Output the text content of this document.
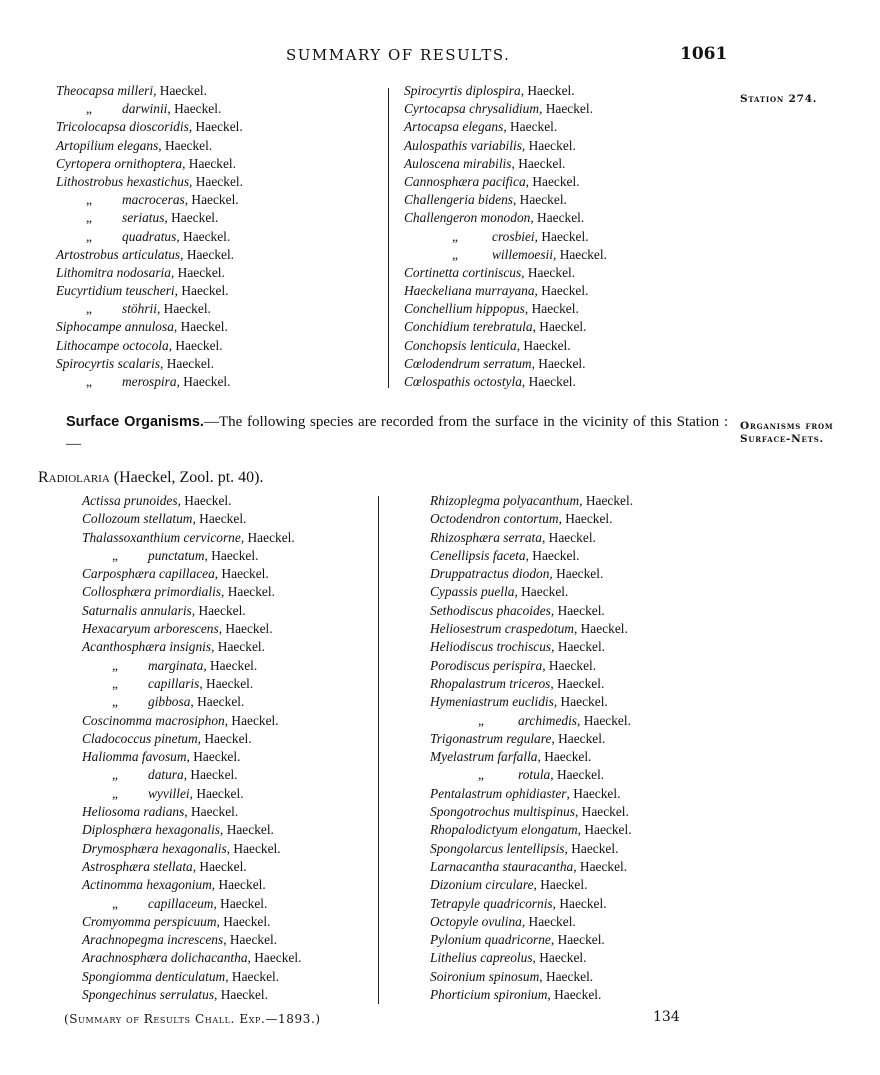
SUMMARY OF RESULTS.	1061
Station 274.
Theocapsa milleri, Haeckel.
„ darwinii, Haeckel.
Tricolocapsa dioscoridis, Haeckel.
Artopilium elegans, Haeckel.
Cyrtopera ornithoptera, Haeckel.
Lithostrobus hexastichus, Haeckel.
„ macroceras, Haeckel.
„ seriatus, Haeckel.
„ quadratus, Haeckel.
Artostrobus articulatus, Haeckel.
Lithomitra nodosaria, Haeckel.
Eucyrtidium teuscheri, Haeckel.
„ stöhrii, Haeckel.
Siphocampe annulosa, Haeckel.
Lithocampe octocola, Haeckel.
Spirocyrtis scalaris, Haeckel.
„ merospira, Haeckel.
Spirocyrtis diplospira, Haeckel.
Cyrtocapsa chrysalidium, Haeckel.
Artocapsa elegans, Haeckel.
Aulospathis variabilis, Haeckel.
Auloscena mirabilis, Haeckel.
Cannosphæra pacifica, Haeckel.
Challengeria bidens, Haeckel.
Challengeron monodon, Haeckel.
„	crosbiei, Haeckel.
„	willemoesii, Haeckel.
Cortinetta cortiniscus, Haeckel.
Haeckeliana murrayana, Haeckel.
Conchellium hippopus, Haeckel.
Conchidium terebratula, Haeckel.
Conchopsis lenticula, Haeckel.
Cœlodendrum serratum, Haeckel.
Cœlospathis octostyla, Haeckel.
Surface Organisms.—The following species are recorded from the surface in the vicinity of this Station :—
Organisms from
Surface-Nets.
Radiolaria (Haeckel, Zool. pt. 40).
Actissa prunoides, Haeckel.
Collozoum stellatum, Haeckel.
Thalassoxanthium cervicorne, Haeckel.
„ punctatum, Haeckel.
Carposphæra capillacea, Haeckel.
Collosphæra primordialis, Haeckel.
Saturnalis annularis, Haeckel.
Hexacaryum arborescens, Haeckel.
Acanthosphæra insignis, Haeckel.
„ marginata, Haeckel.
„ capillaris, Haeckel.
„ gibbosa, Haeckel.
Coscinomma macrosiphon, Haeckel.
Cladococcus pinetum, Haeckel.
Haliomma favosum, Haeckel.
„ datura, Haeckel.
„ wyvillei, Haeckel.
Heliosoma radians, Haeckel.
Diplosphæra hexagonalis, Haeckel.
Drymosphæra hexagonalis, Haeckel.
Astrosphæra stellata, Haeckel.
Actinomma hexagonium, Haeckel.
„ capillaceum, Haeckel.
Cromyomma perspicuum, Haeckel.
Arachnopegma increscens, Haeckel.
Arachnosphæra dolichacantha, Haeckel.
Spongiomma denticulatum, Haeckel.
Spongechinus serrulatus, Haeckel.
Rhizoplegma polyacanthum, Haeckel.
Octodendron contortum, Haeckel.
Rhizosphæra serrata, Haeckel.
Cenellipsis faceta, Haeckel.
Druppatractus diodon, Haeckel.
Cypassis puella, Haeckel.
Sethodiscus phacoides, Haeckel.
Heliosestrum craspedotum, Haeckel.
Heliodiscus trochiscus, Haeckel.
Porodiscus perispira, Haeckel.
Rhopalastrum triceros, Haeckel.
Hymeniastrum euclidis, Haeckel.
„	archimedis, Haeckel.
Trigonastrum regulare, Haeckel.
Myelastrum farfalla, Haeckel.
„	rotula, Haeckel.
Pentalastrum ophidiaster, Haeckel.
Spongotrochus multispinus, Haeckel.
Rhopalodictyum elongatum, Haeckel.
Spongolarcus lentellipsis, Haeckel.
Larnacantha stauracantha, Haeckel.
Dizonium circulare, Haeckel.
Tetrapyle quadricornis, Haeckel.
Octopyle ovulina, Haeckel.
Pylonium quadricorne, Haeckel.
Lithelius capreolus, Haeckel.
Soironium spinosum, Haeckel.
Phorticium spironium, Haeckel.
(Summary of Results Chall. Exp.—1893.)	134
